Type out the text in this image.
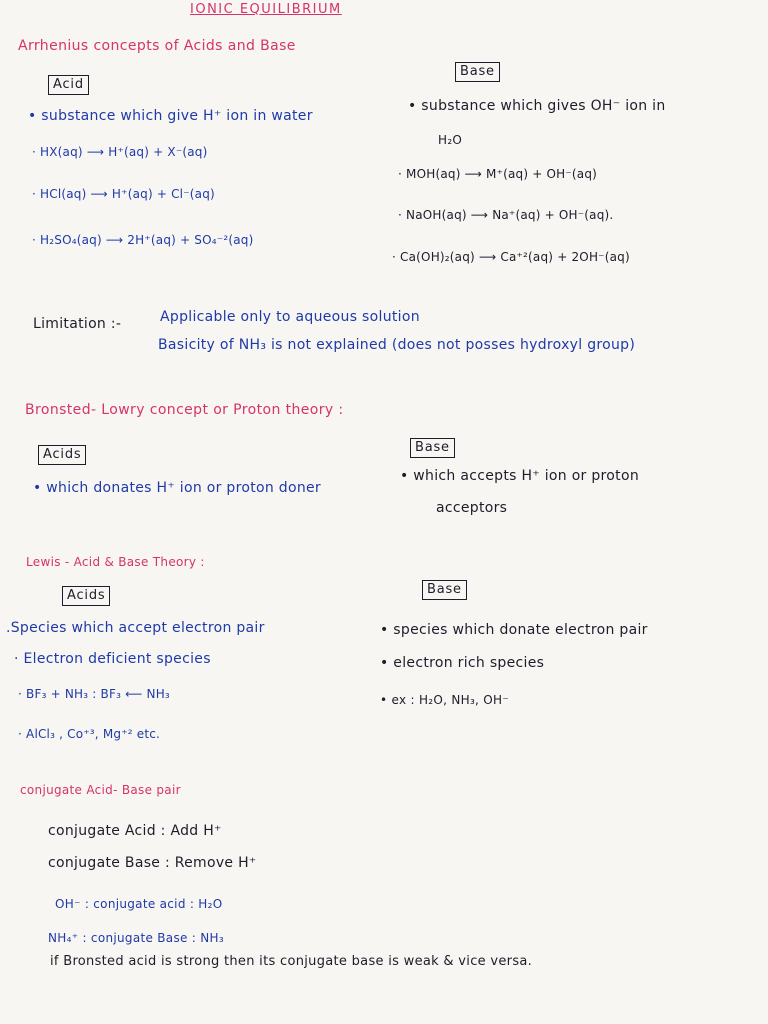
IONIC EQUILIBRIUM
Arrhenius concepts of Acids and Base
Acid
Base
• substance which give H⁺ ion in water
· HX(aq) ⟶ H⁺(aq) + X⁻(aq)
· HCl(aq) ⟶ H⁺(aq) + Cl⁻(aq)
· H₂SO₄(aq) ⟶ 2H⁺(aq) + SO₄⁻²(aq)
• substance which gives OH⁻ ion in
H₂O
· MOH(aq) ⟶ M⁺(aq) + OH⁻(aq)
· NaOH(aq) ⟶ Na⁺(aq) + OH⁻(aq).
· Ca(OH)₂(aq) ⟶ Ca⁺²(aq) + 2OH⁻(aq)
Limitation :-	Applicable only to aqueous solution
Basicity of NH₃ is not explained (does not posses hydroxyl group)
Bronsted- Lowry concept or Proton theory :
Acids	Base
• which donates H⁺ ion or proton doner
• which accepts H⁺ ion or proton
acceptors
Lewis - Acid & Base Theory :
Acids	Base
.Species which accept electron pair
· Electron deficient species
· BF₃ + NH₃ : BF₃ ⟵ NH₃
· AlCl₃ , Co⁺³, Mg⁺² etc.
• species which donate electron pair
• electron rich species
• ex : H₂O, NH₃, OH⁻
conjugate Acid- Base pair
conjugate Acid : Add H⁺
conjugate Base : Remove H⁺
OH⁻ : conjugate acid : H₂O
NH₄⁺ : conjugate Base : NH₃
if Bronsted acid is strong then its conjugate base is weak & vice versa.
